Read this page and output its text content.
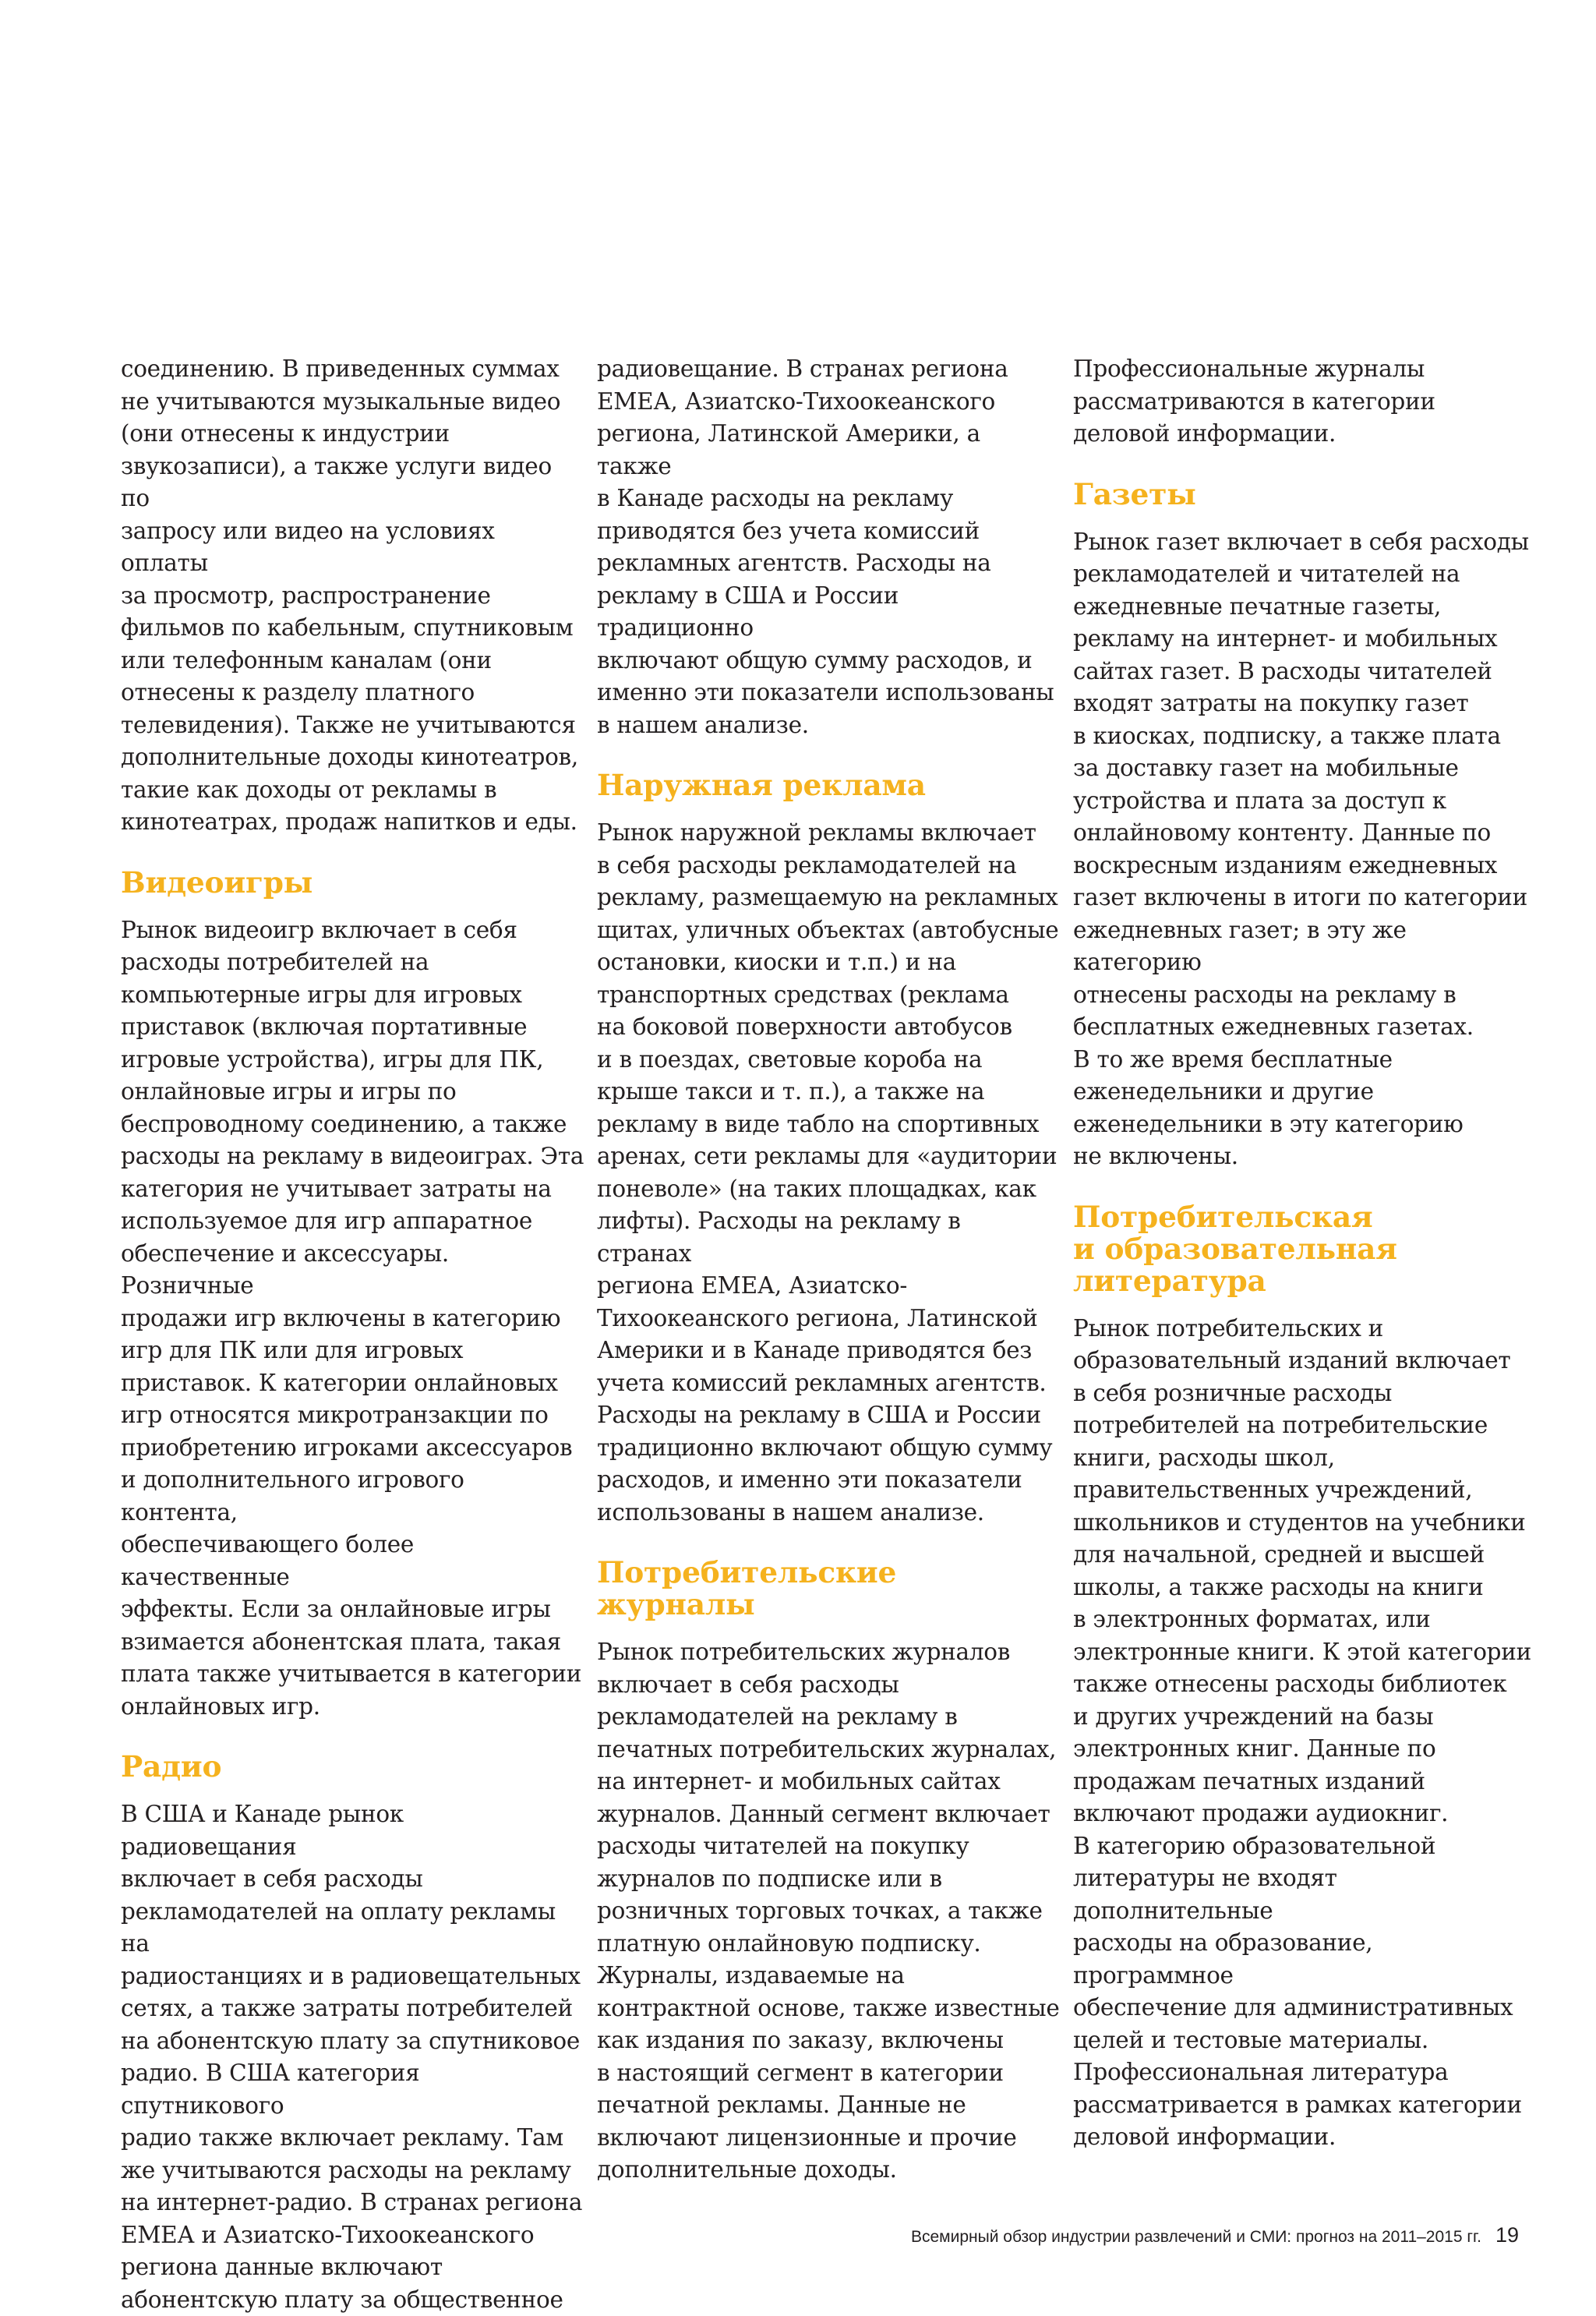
соединению. В приведенных суммах
не учитываются музыкальные видео
(они отнесены к индустрии
звукозаписи), а также услуги видео по
запросу или видео на условиях оплаты
за просмотр, распространение
фильмов по кабельным, спутниковым
или телефонным каналам (они
отнесены к разделу платного
телевидения). Также не учитываются
дополнительные доходы кинотеатров,
такие как доходы от рекламы в
кинотеатрах, продаж напитков и еды.
Видеоигры
Рынок видеоигр включает в себя
расходы потребителей на
компьютерные игры для игровых
приставок (включая портативные
игровые устройства), игры для ПК,
онлайновые игры и игры по
беспроводному соединению, а также
расходы на рекламу в видеоиграх. Эта
категория не учитывает затраты на
используемое для игр аппаратное
обеспечение и аксессуары. Розничные
продажи игр включены в категорию
игр для ПК или для игровых
приставок. К категории онлайновых
игр относятся микротранзакции по
приобретению игроками аксессуаров
и дополнительного игрового контента,
обеспечивающего более качественные
эффекты. Если за онлайновые игры
взимается абонентская плата, такая
плата также учитывается в категории
онлайновых игр.
Радио
В США и Канаде рынок радиовещания
включает в себя расходы
рекламодателей на оплату рекламы на
радиостанциях и в радиовещательных
сетях, а также затраты потребителей
на абонентскую плату за спутниковое
радио. В США категория спутникового
радио также включает рекламу. Там
же учитываются расходы на рекламу
на интернет-радио. В странах региона
ЕМЕА и Азиатско-Тихоокеанского
региона данные включают
абонентскую плату за общественное
радиовещание. В странах региона
ЕМЕА, Азиатско-Тихоокеанского
региона, Латинской Америки, а также
в Канаде расходы на рекламу
приводятся без учета комиссий
рекламных агентств. Расходы на
рекламу в США и России традиционно
включают общую сумму расходов, и
именно эти показатели использованы
в нашем анализе.
Наружная реклама
Рынок наружной рекламы включает
в себя расходы рекламодателей на
рекламу, размещаемую на рекламных
щитах, уличных объектах (автобусные
остановки, киоски и т.п.) и на
транспортных средствах (реклама
на боковой поверхности автобусов
и в поездах, световые короба на
крыше такси и т. п.), а также на
рекламу в виде табло на спортивных
аренах, сети рекламы для «аудитории
поневоле» (на таких площадках, как
лифты). Расходы на рекламу в странах
региона ЕМЕА, Азиатско-
Тихоокеанского региона, Латинской
Америки и в Канаде приводятся без
учета комиссий рекламных агентств.
Расходы на рекламу в США и России
традиционно включают общую сумму
расходов, и именно эти показатели
использованы в нашем анализе.
Потребительские журналы
Рынок потребительских журналов
включает в себя расходы
рекламодателей на рекламу в
печатных потребительских журналах,
на интернет- и мобильных сайтах
журналов. Данный сегмент включает
расходы читателей на покупку
журналов по подписке или в
розничных торговых точках, а также
платную онлайновую подписку.
Журналы, издаваемые на
контрактной основе, также известные
как издания по заказу, включены
в настоящий сегмент в категории
печатной рекламы. Данные не
включают лицензионные и прочие
дополнительные доходы.
Профессиональные журналы
рассматриваются в категории
деловой информации.
Газеты
Рынок газет включает в себя расходы
рекламодателей и читателей на
ежедневные печатные газеты,
рекламу на интернет- и мобильных
сайтах газет. В расходы читателей
входят затраты на покупку газет
в киосках, подписку, а также плата
за доставку газет на мобильные
устройства и плата за доступ к
онлайновому контенту. Данные по
воскресным изданиям ежедневных
газет включены в итоги по категории
ежедневных газет; в эту же категорию
отнесены расходы на рекламу в
бесплатных ежедневных газетах.
В то же время бесплатные
еженедельники и другие
еженедельники в эту категорию
не включены.
Потребительская
и образовательная
литература
Рынок потребительских и
образовательный изданий включает
в себя розничные расходы
потребителей на потребительские
книги, расходы школ,
правительственных учреждений,
школьников и студентов на учебники
для начальной, средней и высшей
школы, а также расходы на книги
в электронных форматах, или
электронные книги. К этой категории
также отнесены расходы библиотек
и других учреждений на базы
электронных книг. Данные по
продажам печатных изданий
включают продажи аудиокниг.
В категорию образовательной
литературы не входят дополнительные
расходы на образование, программное
обеспечение для административных
целей и тестовые материалы.
Профессиональная литература
рассматривается в рамках категории
деловой информации.
Всемирный обзор индустрии развлечений и СМИ: прогноз на 2011–2015 гг. 19
